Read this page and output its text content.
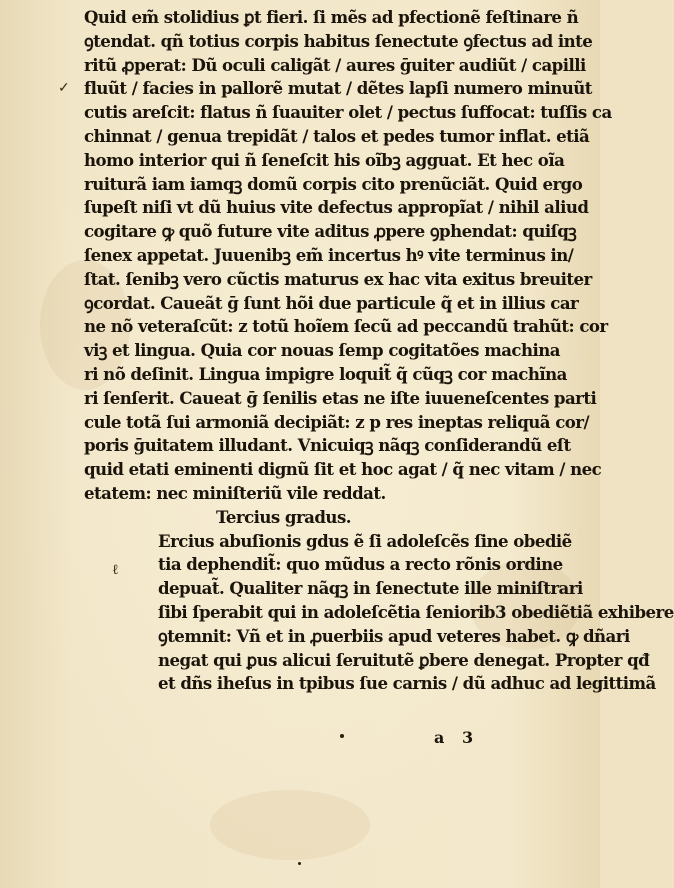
✓
ℓ
Quid em̃ stolidius ꝑt fieri. ſi mẽs ad pfectionẽ feſtinare ñ
ꝯtendat. qñ totius corpis habitus ſenectute ꝯfectus ad inte
ritũ ꝓperat: Dũ oculi caligãt / aures ḡuiter audiũt / capilli
fluũt / facies in pallorẽ mutat / dẽtes lapſi numero minuũt
cutis areſcit: flatus ñ ſuauiter olet / pectus ſuffocat: tuſſis ca
chinnat / genua trepidãt / talos et pedes tumor inflat. etiã
homo interior qui ñ ſeneſcit his oĩbꝫ agguat. Et hec oĩa
ruiturã iam iamqꝫ domũ corpis cito prenũciãt. Quid ergo
ſupeſt niſi vt dũ huius vite defectus appropĩat / nihil aliud
cogitare ꝙ quõ future vite aditus ꝓpere ꝯphendat: quiſqꝫ
ſenex appetat. Juuenibꝫ em̃ incertus hꝰ vite terminus in/
ſtat. ſenibꝫ vero cũctis maturus ex hac vita exitus breuiter
ꝯcordat. Caueãt ḡ ſunt hõi due particule q̃ et in illius car
ne nõ veteraſcũt: z totũ hoĩem ſecũ ad peccandũ trahũt: cor
viꝫ et lingua. Quia cor nouas ſemp cogitatões machina
ri nõ deſinit. Lingua impigre loquit̃ q̃ cũqꝫ cor machĩna
ri ſenſerit. Caueat ḡ ſenilis etas ne iſte iuueneſcentes parti
cule totã ſui armoniã decipiãt: z p res ineptas reliquã cor/
poris ḡuitatem illudant. Vnicuiqꝫ nãqꝫ conſiderandũ eſt
quid etati eminenti dignũ ſit et hoc agat / q̃ nec vitam / nec
etatem: nec miniſteriũ vile reddat.
Tercius gradus.
Ercius abuſionis gdus ẽ ſi adoleſcẽs ſine obediẽ
tia dephendit̃: quo mũdus a recto rõnis ordine
depuat̃. Qualiter nãqꝫ in ſenectute ille miniſtrari
ſibi ſperabit qui in adoleſcẽtia ſeniorib3 obediẽtiã exhibere
ꝯtemnit: Vñ et in ꝓuerbiis apud veteres habet. ꝙ dñari
negat qui ꝑus alicui ſeruitutẽ ꝑbere denegat. Propter qđ
et dñs iheſus in tpibus ſue carnis / dũ adhuc ad legittimã
a 3
